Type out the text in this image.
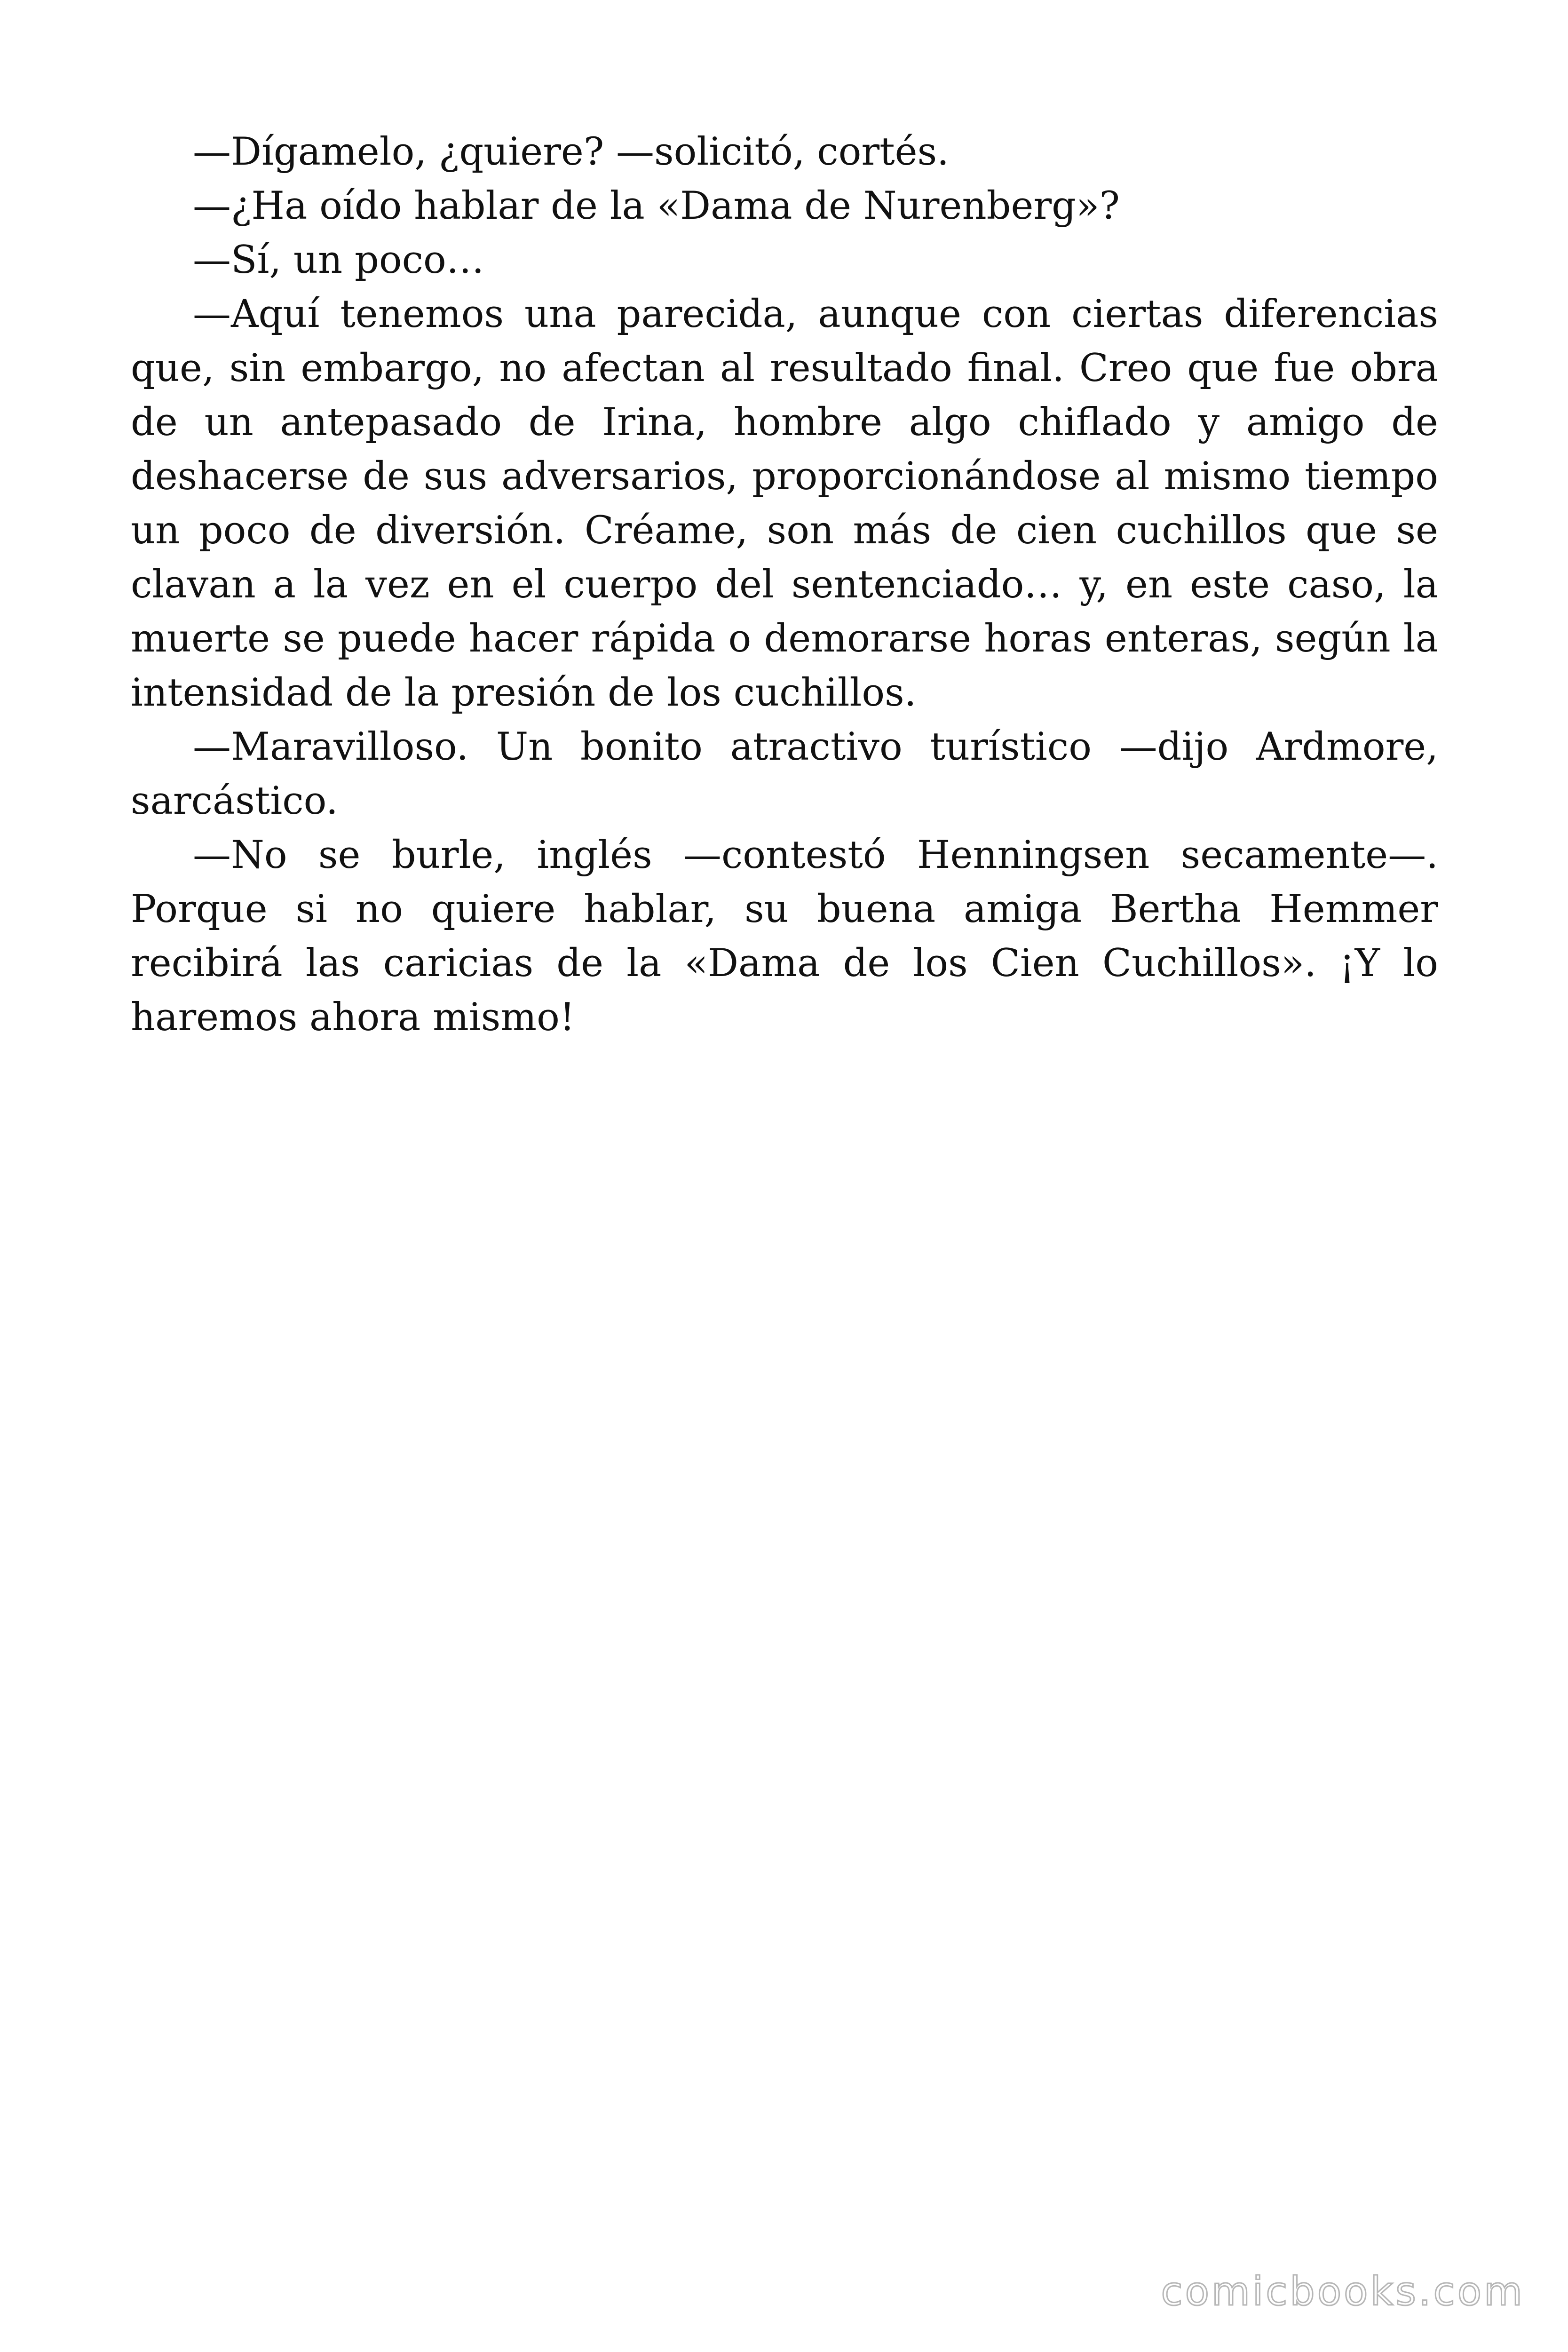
—Dígamelo, ¿quiere? —solicitó, cortés.

—¿Ha oído hablar de la «Dama de Nurenberg»?

—Sí, un poco…

—Aquí tenemos una parecida, aunque con ciertas diferencias que, sin embargo, no afectan al resultado final. Creo que fue obra de un antepasado de Irina, hombre algo chiflado y amigo de deshacerse de sus adversarios, proporcionándose al mismo tiempo un poco de diversión. Créame, son más de cien cuchillos que se clavan a la vez en el cuerpo del sentenciado… y, en este caso, la muerte se puede hacer rápida o demorarse horas enteras, según la intensidad de la presión de los cuchillos.

—Maravilloso. Un bonito atractivo turístico —dijo Ardmore, sarcástico.

—No se burle, inglés —contestó Henningsen secamente—. Porque si no quiere hablar, su buena amiga Bertha Hemmer recibirá las caricias de la «Dama de los Cien Cuchillos». ¡Y lo haremos ahora mismo!

comicbooks.com
